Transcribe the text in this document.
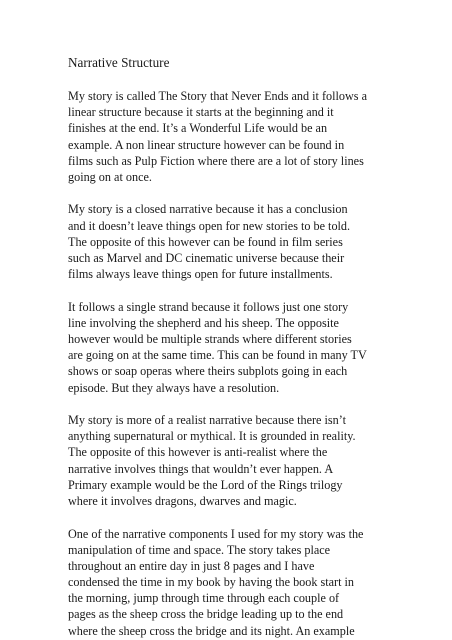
Narrative Structure
My story is called The Story that Never Ends and it follows a
linear structure because it starts at the beginning and it
finishes at the end. It’s a Wonderful Life would be an
example. A non linear structure however can be found in
films such as Pulp Fiction where there are a lot of story lines
going on at once.
My story is a closed narrative because it has a conclusion
and it doesn’t leave things open for new stories to be told.
The opposite of this however can be found in film series
such as Marvel and DC cinematic universe because their
films always leave things open for future installments.
It follows a single strand because it follows just one story
line involving the shepherd and his sheep. The opposite
however would be multiple strands where different stories
are going on at the same time. This can be found in many TV
shows or soap operas where theirs subplots going in each
episode. But they always have a resolution.
My story is more of a realist narrative because there isn’t
anything supernatural or mythical. It is grounded in reality.
The opposite of this however is anti-realist where the
narrative involves things that wouldn’t ever happen. A
Primary example would be the Lord of the Rings trilogy
where it involves dragons, dwarves and magic.
One of the narrative components I used for my story was the
manipulation of time and space. The story takes place
throughout an entire day in just 8 pages and I have
condensed the time in my book by having the book start in
the morning, jump through time through each couple of
pages as the sheep cross the bridge leading up to the end
where the sheep cross the bridge and its night. An example
